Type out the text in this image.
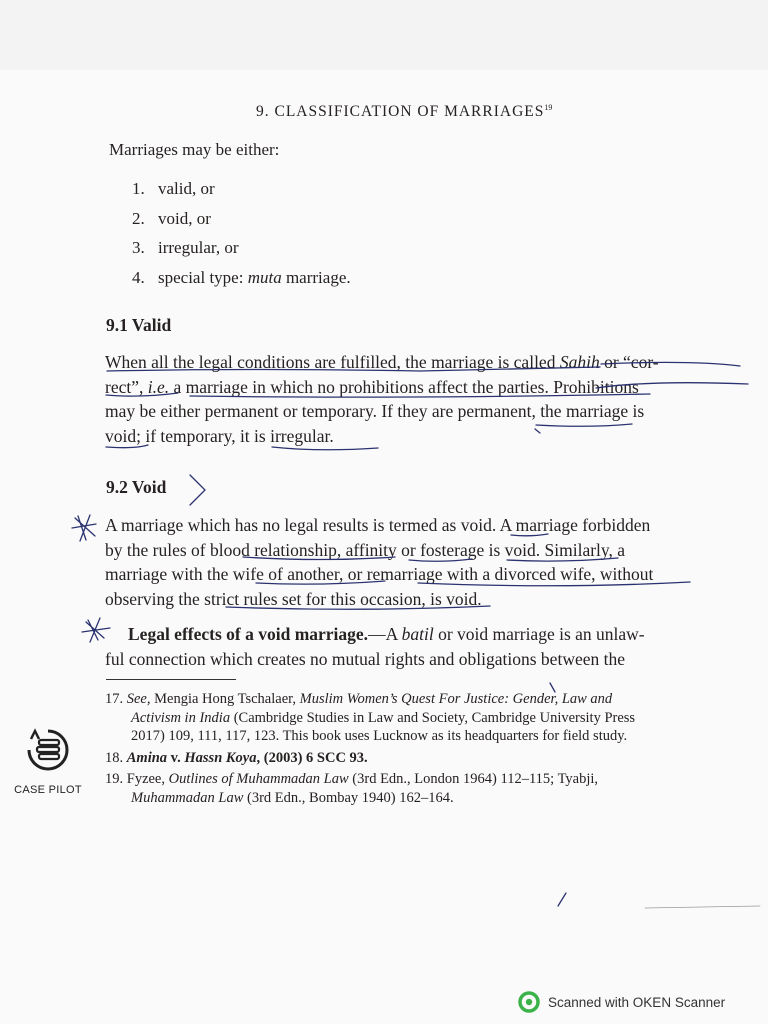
9. CLASSIFICATION OF MARRIAGES$^{19}$
Marriages may be either:
1. valid, or
2. void, or
3. irregular, or
4. special type: muta marriage.
9.1 Valid
When all the legal conditions are fulfilled, the marriage is called Sahih or “cor-
rect”, i.e. a marriage in which no prohibitions affect the parties. Prohibitions
may be either permanent or temporary. If they are permanent, the marriage is
void; if temporary, it is irregular.
9.2 Void
A marriage which has no legal results is termed as void. A marriage forbidden
by the rules of blood relationship, affinity or fosterage is void. Similarly, a
marriage with the wife of another, or remarriage with a divorced wife, without
observing the strict rules set for this occasion, is void.
Legal effects of a void marriage.—A batil or void marriage is an unlaw-
ful connection which creates no mutual rights and obligations between the
17. See, Mengia Hong Tschalaer, Muslim Women’s Quest For Justice: Gender, Law and
Activism in India (Cambridge Studies in Law and Society, Cambridge University Press
2017) 109, 111, 117, 123. This book uses Lucknow as its headquarters for field study.
18. Amina v. Hassn Koya, (2003) 6 SCC 93.
19. Fyzee, Outlines of Muhammadan Law (3rd Edn., London 1964) 112–115; Tyabji,
Muhammadan Law (3rd Edn., Bombay 1940) 162–164.
CASE PILOT
Scanned with OKEN Scanner
